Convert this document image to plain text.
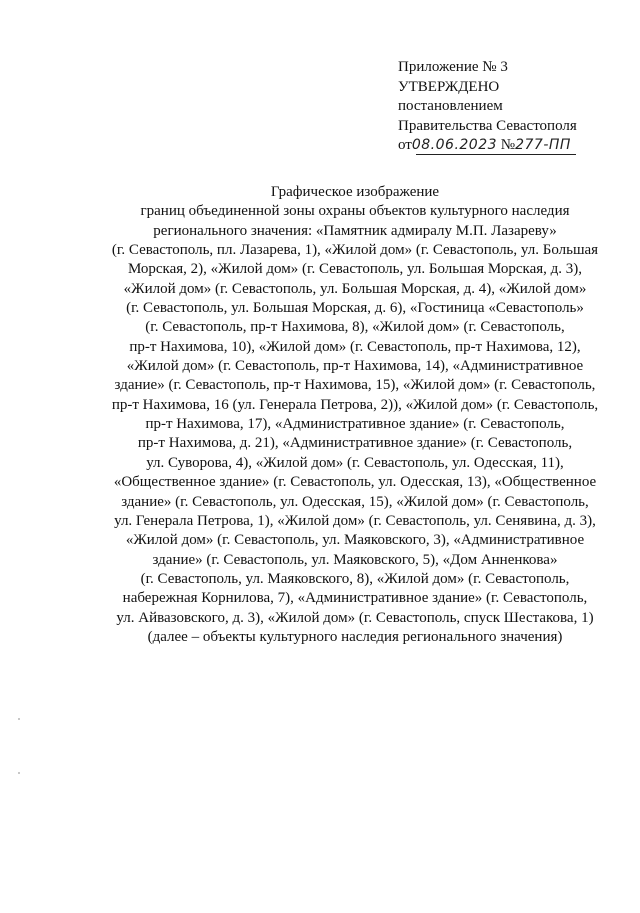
Приложение № 3
УТВЕРЖДЕНО
постановлением
Правительства Севастополя
от08.06.2023 №277-ПП
Графическое изображение
границ объединенной зоны охраны объектов культурного наследия
регионального значения: «Памятник адмиралу М.П. Лазареву»
(г. Севастополь, пл. Лазарева, 1), «Жилой дом» (г. Севастополь, ул. Большая
Морская, 2), «Жилой дом» (г. Севастополь, ул. Большая Морская, д. 3),
«Жилой дом» (г. Севастополь, ул. Большая Морская, д. 4), «Жилой дом»
(г. Севастополь, ул. Большая Морская, д. 6), «Гостиница «Севастополь»
(г. Севастополь, пр-т Нахимова, 8), «Жилой дом» (г. Севастополь,
пр-т Нахимова, 10), «Жилой дом» (г. Севастополь, пр-т Нахимова, 12),
«Жилой дом» (г. Севастополь, пр-т Нахимова, 14), «Административное
здание» (г. Севастополь, пр-т Нахимова, 15), «Жилой дом» (г. Севастополь,
пр-т Нахимова, 16 (ул. Генерала Петрова, 2)), «Жилой дом» (г. Севастополь,
пр-т Нахимова, 17), «Административное здание» (г. Севастополь,
пр-т Нахимова, д. 21), «Административное здание» (г. Севастополь,
ул. Суворова, 4), «Жилой дом» (г. Севастополь, ул. Одесская, 11),
«Общественное здание» (г. Севастополь, ул. Одесская, 13), «Общественное
здание» (г. Севастополь, ул. Одесская, 15), «Жилой дом» (г. Севастополь,
ул. Генерала Петрова, 1), «Жилой дом» (г. Севастополь, ул. Сенявина, д. 3),
«Жилой дом» (г. Севастополь, ул. Маяковского, 3), «Административное
здание» (г. Севастополь, ул. Маяковского, 5), «Дом Анненкова»
(г. Севастополь, ул. Маяковского, 8), «Жилой дом» (г. Севастополь,
набережная Корнилова, 7), «Административное здание» (г. Севастополь,
ул. Айвазовского, д. 3), «Жилой дом» (г. Севастополь, спуск Шестакова, 1)
(далее – объекты культурного наследия регионального значения)
